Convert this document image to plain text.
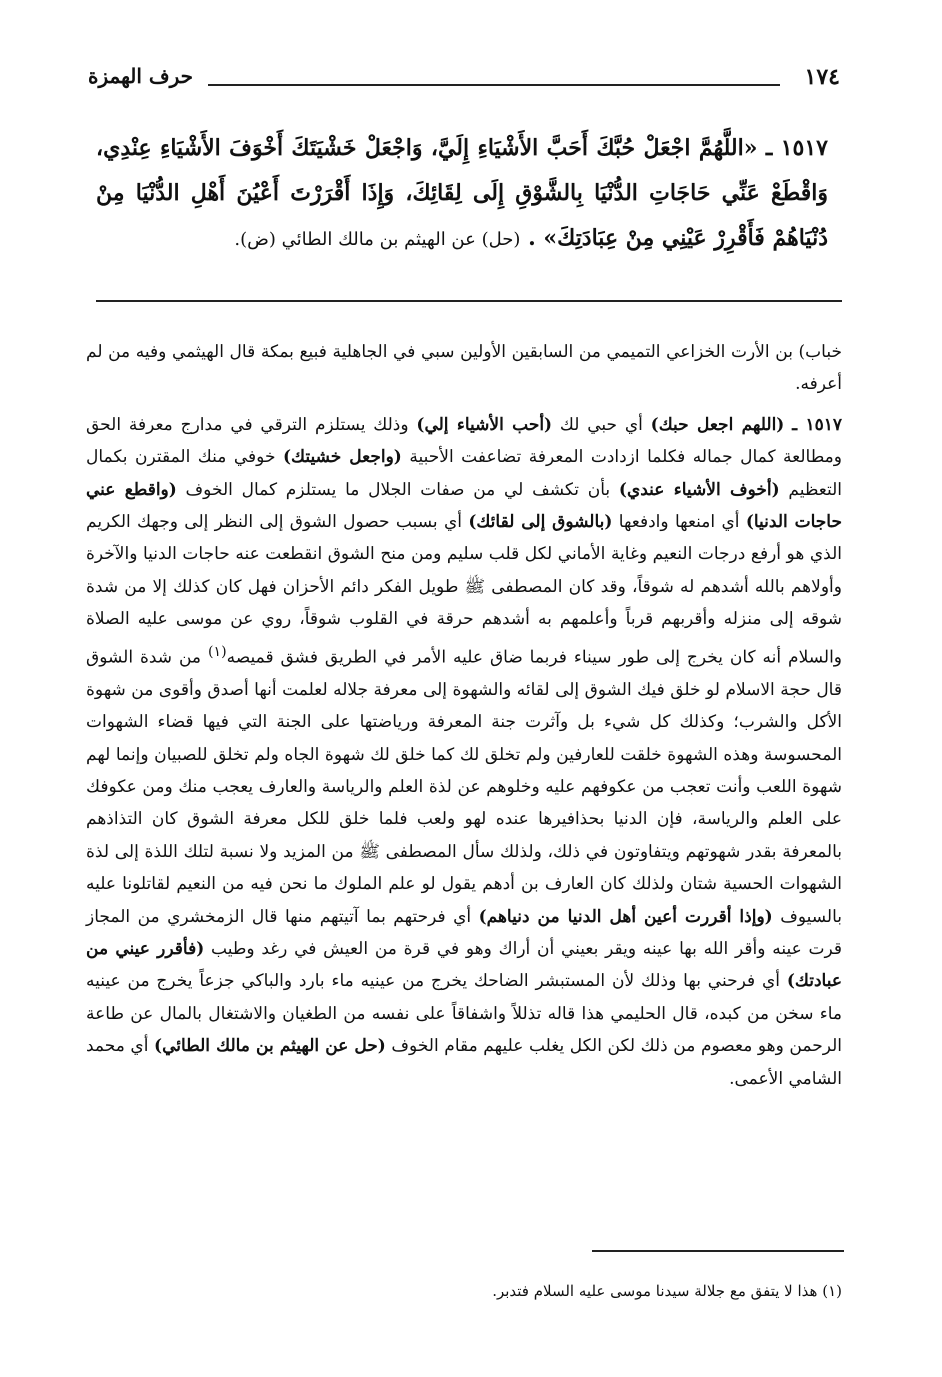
١٧٤
حرف الهمزة
١٥١٧ ـ «اللَّهُمَّ اجْعَلْ حُبَّكَ أَحَبَّ الأَشْيَاءِ إِلَيَّ، وَاجْعَلْ خَشْيَتَكَ أَخْوَفَ الأَشْيَاءِ عِنْدِي، وَاقْطَعْ عَنِّي حَاجَاتِ الدُّنْيَا بِالشَّوْقِ إِلَى لِقَائِكَ، وَإِذَا أَقْرَرْتَ أَعْيُنَ أَهْلِ الدُّنْيَا مِنْ دُنْيَاهُمْ فَأَقْرِرْ عَيْنِي مِنْ عِبَادَتِكَ» . (حل) عن الهيثم بن مالك الطائي (ض).

خباب) بن الأرت الخزاعي التميمي من السابقين الأولين سبي في الجاهلية فبيع بمكة قال الهيثمي وفيه من لم أعرفه.

١٥١٧ ـ (اللهم اجعل حبك) أي حبي لك (أحب الأشياء إلي) وذلك يستلزم الترقي في مدارج معرفة الحق ومطالعة كمال جماله فكلما ازدادت المعرفة تضاعفت الأحبية (واجعل خشيتك) خوفي منك المقترن بكمال التعظيم (أخوف الأشياء عندي) بأن تكشف لي من صفات الجلال ما يستلزم كمال الخوف (واقطع عني حاجات الدنيا) أي امنعها وادفعها (بالشوق إلى لقائك) أي بسبب حصول الشوق إلى النظر إلى وجهك الكريم الذي هو أرفع درجات النعيم وغاية الأماني لكل قلب سليم ومن منح الشوق انقطعت عنه حاجات الدنيا والآخرة وأولاهم بالله أشدهم له شوقاً، وقد كان المصطفى ﷺ طويل الفكر دائم الأحزان فهل كان كذلك إلا من شدة شوقه إلى منزله وأقربهم قرباً وأعلمهم به أشدهم حرقة في القلوب شوقاً، روي عن موسى عليه الصلاة والسلام أنه كان يخرج إلى طور سيناء فربما ضاق عليه الأمر في الطريق فشق قميصه$^{(١)}$ من شدة الشوق قال حجة الاسلام لو خلق فيك الشوق إلى لقائه والشهوة إلى معرفة جلاله لعلمت أنها أصدق وأقوى من شهوة الأكل والشرب؛ وكذلك كل شيء بل وآثرت جنة المعرفة ورياضتها على الجنة التي فيها قضاء الشهوات المحسوسة وهذه الشهوة خلقت للعارفين ولم تخلق لك كما خلق لك شهوة الجاه ولم تخلق للصبيان وإنما لهم شهوة اللعب وأنت تعجب من عكوفهم عليه وخلوهم عن لذة العلم والرياسة والعارف يعجب منك ومن عكوفك على العلم والرياسة، فإن الدنيا بحذافيرها عنده لهو ولعب فلما خلق للكل معرفة الشوق كان التذاذهم بالمعرفة بقدر شهوتهم ويتفاوتون في ذلك، ولذلك سأل المصطفى ﷺ من المزيد ولا نسبة لتلك اللذة إلى لذة الشهوات الحسية شتان ولذلك كان العارف بن أدهم يقول لو علم الملوك ما نحن فيه من النعيم لقاتلونا عليه بالسيوف (وإذا أقررت أعين أهل الدنيا من دنياهم) أي فرحتهم بما آتيتهم منها قال الزمخشري من المجاز قرت عينه وأقر الله بها عينه ويقر بعيني أن أراك وهو في قرة من العيش في رغد وطيب (فأقرر عيني من عبادتك) أي فرحني بها وذلك لأن المستبشر الضاحك يخرج من عينيه ماء بارد والباكي جزعاً يخرج من عينيه ماء سخن من كبده، قال الحليمي هذا قاله تذللاً واشفاقاً على نفسه من الطغيان والاشتغال بالمال عن طاعة الرحمن وهو معصوم من ذلك لكن الكل يغلب عليهم مقام الخوف (حل عن الهيثم بن مالك الطائي) أي محمد الشامي الأعمى.

(١) هذا لا يتفق مع جلالة سيدنا موسى عليه السلام فتدبر.
